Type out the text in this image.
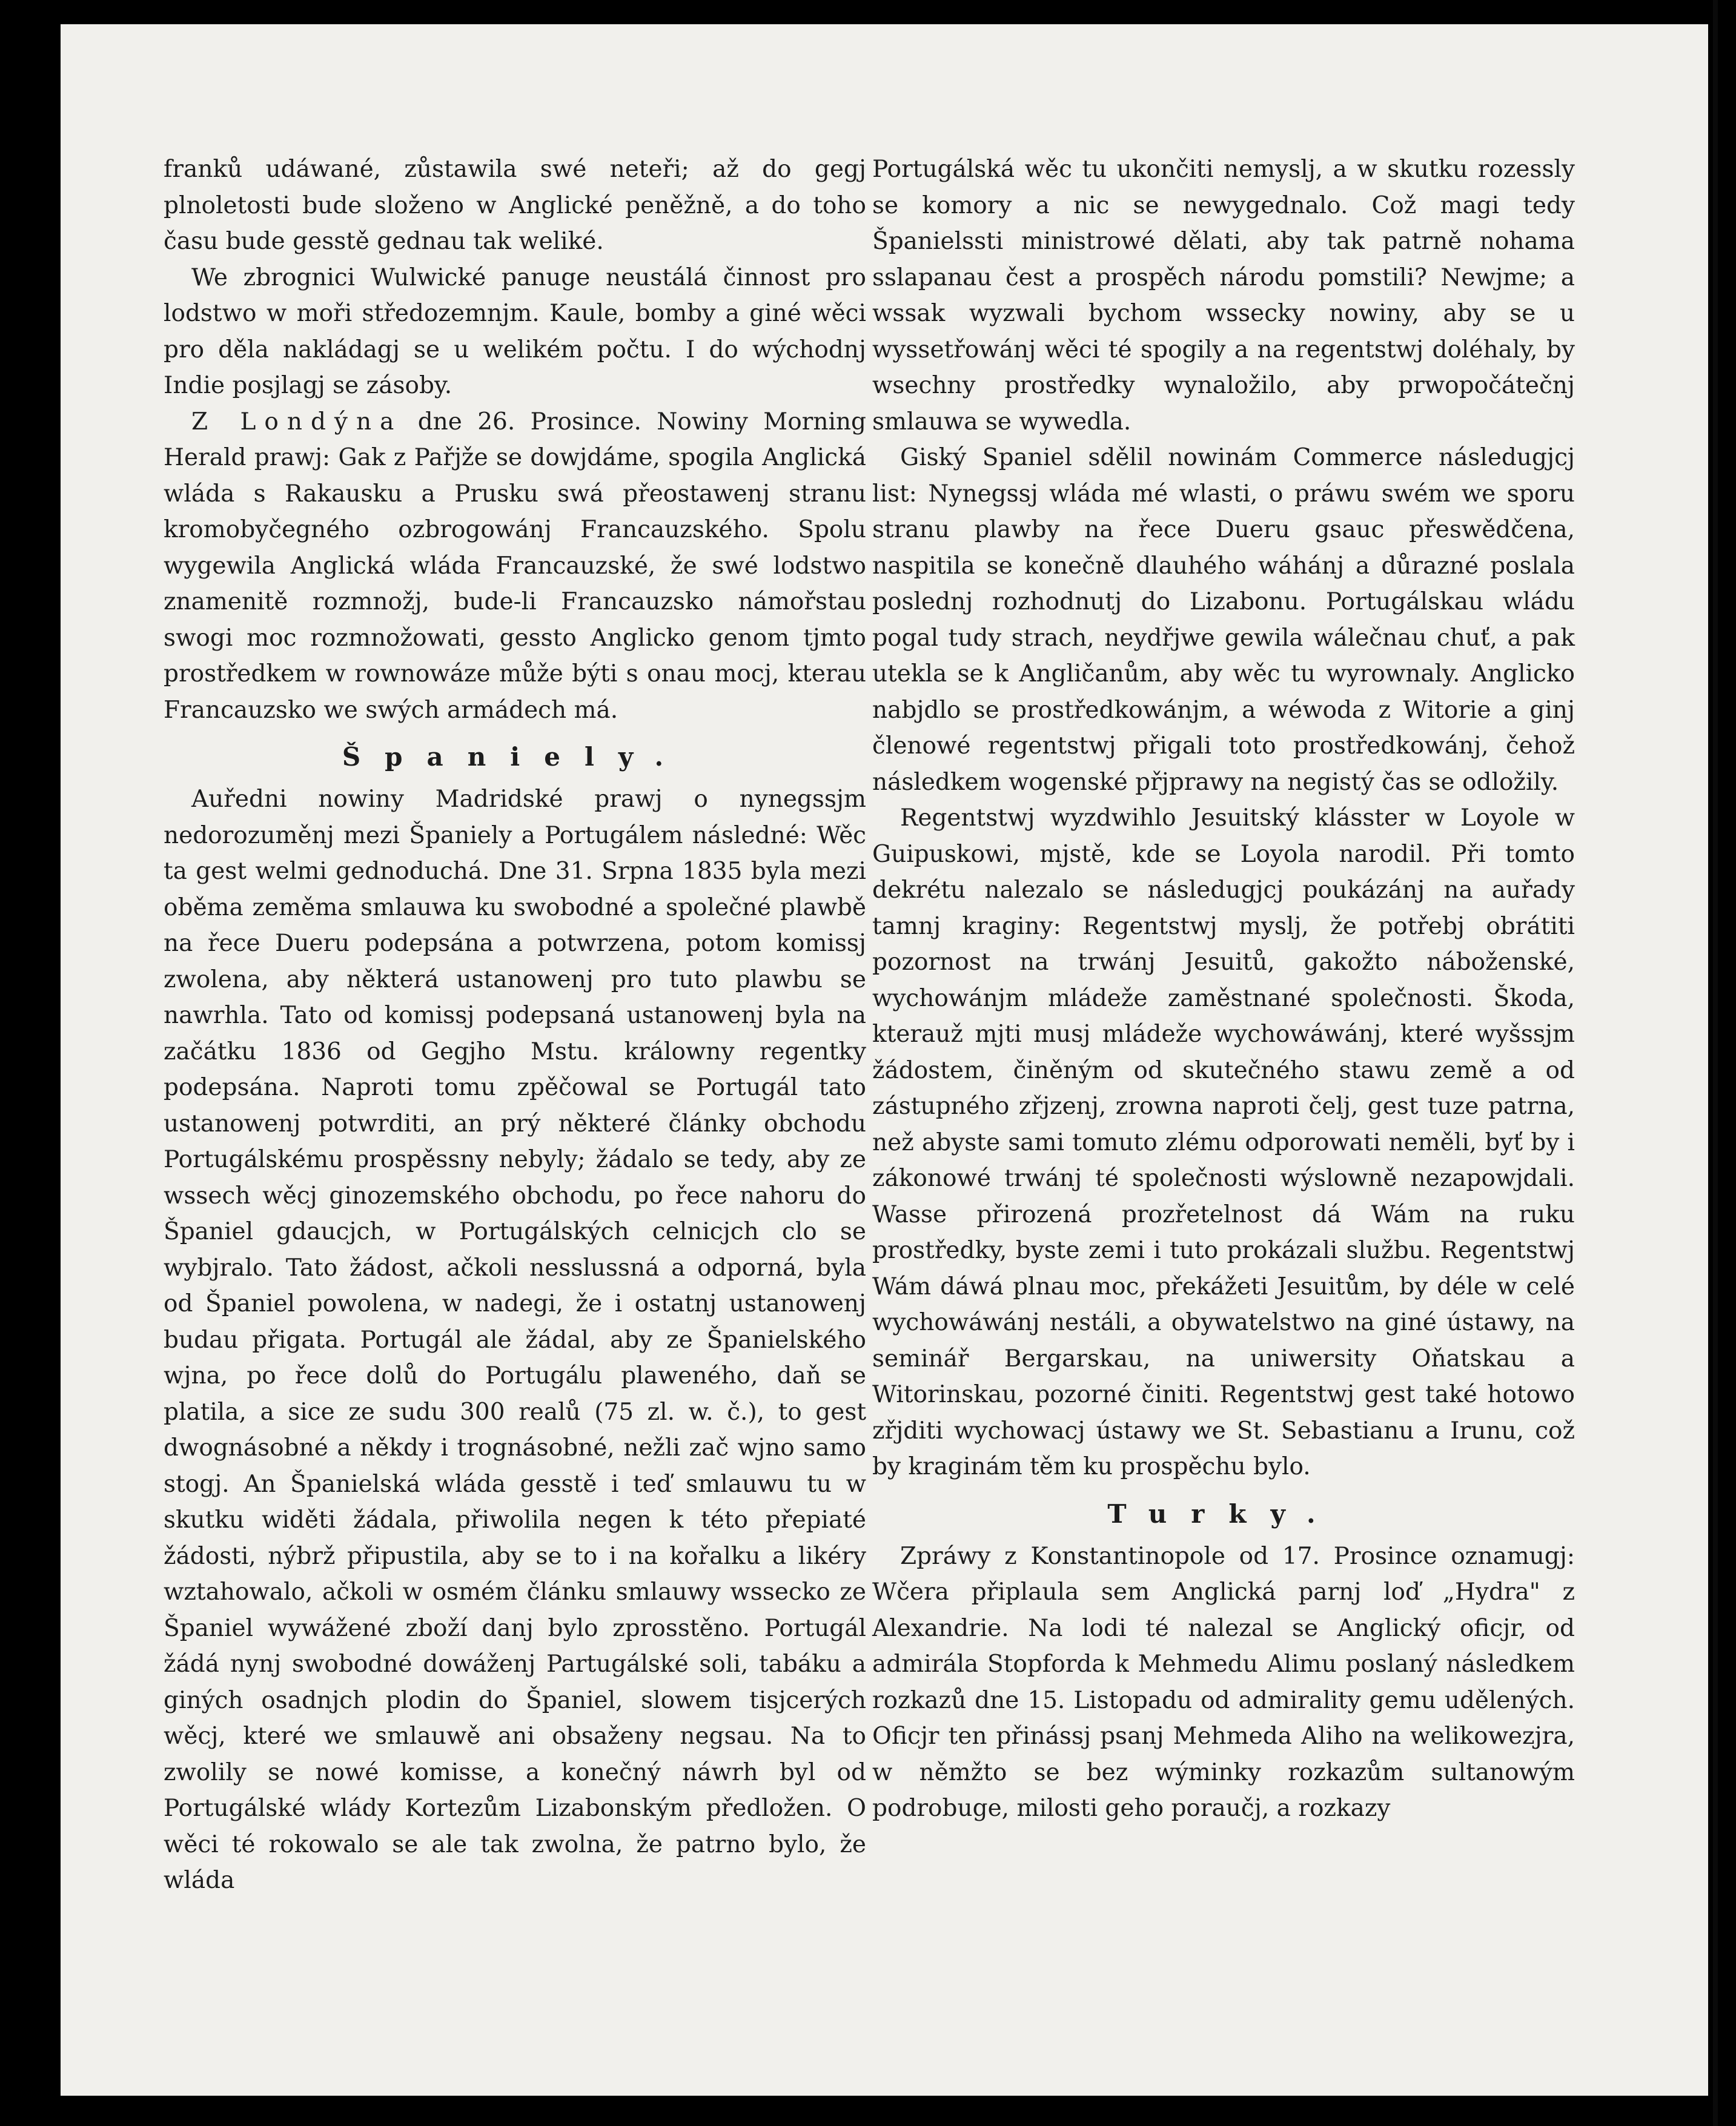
franků udáwané, zůstawila swé neteři; až do gegj plnoletosti bude složeno w Anglické peněžně, a do toho času bude gesstě gednau tak weliké.

We zbrognici Wulwické panuge neustálá činnost pro lodstwo w moři středozemnjm. Kaule, bomby a giné wěci pro děla nakládagj se u welikém počtu. I do wýchodnj Indie posjlagj se zásoby.

Z Londýna dne 26. Prosince. Nowiny Morning Herald prawj: Gak z Pařjže se dowjdáme, spogila Anglická wláda s Rakausku a Prusku swá přeostawenj stranu kromobyčegného ozbrogowánj Francauzského. Spolu wygewila Anglická wláda Francauzské, že swé lodstwo znamenitě rozmnožj, bude-li Francauzsko námořstau swogi moc rozmnožowati, gessto Anglicko genom tjmto prostředkem w rownowáze může býti s onau mocj, kterau Francauzsko we swých armádech má.

Španiely.

Auředni nowiny Madridské prawj o nynegssjm nedorozuměnj mezi Španiely a Portugálem následné: Wěc ta gest welmi gednoduchá. Dne 31. Srpna 1835 byla mezi oběma zeměma smlauwa ku swobodné a společné plawbě na řece Dueru podepsána a potwrzena, potom komissj zwolena, aby některá ustanowenj pro tuto plawbu se nawrhla. Tato od komissj podepsaná ustanowenj byla na začátku 1836 od Gegjho Mstu. králowny regentky podepsána. Naproti tomu zpěčowal se Portugál tato ustanowenj potwrditi, an prý některé články obchodu Portugálskému prospěssny nebyly; žádalo se tedy, aby ze wssech wěcj ginozemského obchodu, po řece nahoru do Španiel gdaucjch, w Portugálských celnicjch clo se wybjralo. Tato žádost, ačkoli nesslussná a odporná, byla od Španiel powolena, w nadegi, že i ostatnj ustanowenj budau přigata. Portugál ale žádal, aby ze Španielského wjna, po řece dolů do Portugálu plaweného, daň se platila, a sice ze sudu 300 realů (75 zl. w. č.), to gest dwognásobné a někdy i trognásobné, nežli zač wjno samo stogj. An Španielská wláda gesstě i teď smlauwu tu w skutku widěti žádala, přiwolila negen k této přepiaté žádosti, nýbrž připustila, aby se to i na kořalku a likéry wztahowalo, ačkoli w osmém článku smlauwy wssecko ze Španiel wywážené zboží danj bylo zprosstěno. Portugál žádá nynj swobodné dowáženj Partugálské soli, tabáku a giných osadnjch plodin do Španiel, slowem tisjcerých wěcj, které we smlauwě ani obsaženy negsau. Na to zwolily se nowé komisse, a konečný náwrh byl od Portugálské wlády Kortezům Lizabonským předložen. O wěci té rokowalo se ale tak zwolna, že patrno bylo, že wláda

Portugálská wěc tu ukončiti nemyslj, a w skutku rozessly se komory a nic se newygednalo. Což magi tedy Španielssti ministrowé dělati, aby tak patrně nohama sslapanau čest a prospěch národu pomstili? Newjme; a wssak wyzwali bychom wssecky nowiny, aby se u wyssetřowánj wěci té spogily a na regentstwj doléhaly, by wsechny prostředky wynaložilo, aby prwopočátečnj smlauwa se wywedla.

Giský Spaniel sdělil nowinám Commerce následugjcj list: Nynegssj wláda mé wlasti, o práwu swém we sporu stranu plawby na řece Dueru gsauc přeswědčena, naspitila se konečně dlauhého wáhánj a důrazné poslala poslednj rozhodnutj do Lizabonu. Portugálskau wládu pogal tudy strach, neydřjwe gewila wálečnau chuť, a pak utekla se k Angličanům, aby wěc tu wyrownaly. Anglicko nabjdlo se prostředkowánjm, a wéwoda z Witorie a ginj členowé regentstwj přigali toto prostředkowánj, čehož následkem wogenské přjprawy na negistý čas se odložily.

Regentstwj wyzdwihlo Jesuitský klásster w Loyole w Guipuskowi, mjstě, kde se Loyola narodil. Při tomto dekrétu nalezalo se následugjcj poukázánj na auřady tamnj kraginy: Regentstwj myslj, že potřebj obrátiti pozornost na trwánj Jesuitů, gakožto náboženské, wychowánjm mládeže zaměstnané společnosti. Škoda, kterauž mjti musj mládeže wychowáwánj, které wyšssjm žádostem, činěným od skutečného stawu země a od zástupného zřjzenj, zrowna naproti čelj, gest tuze patrna, než abyste sami tomuto zlému odporowati neměli, byť by i zákonowé trwánj té společnosti wýslowně nezapowjdali. Wasse přirozená prozřetelnost dá Wám na ruku prostředky, byste zemi i tuto prokázali službu. Regentstwj Wám dáwá plnau moc, překážeti Jesuitům, by déle w celé wychowáwánj nestáli, a obywatelstwo na giné ústawy, na seminář Bergarskau, na uniwersity Oňatskau a Witorinskau, pozorné činiti. Regentstwj gest také hotowo zřjditi wychowacj ústawy we St. Sebastianu a Irunu, což by kraginám těm ku prospěchu bylo.

Turky.

Zpráwy z Konstantinopole od 17. Prosince oznamugj: Wčera připlaula sem Anglická parnj loď „Hydra" z Alexandrie. Na lodi té nalezal se Anglický oficjr, od admirála Stopforda k Mehmedu Alimu poslaný následkem rozkazů dne 15. Listopadu od admirality gemu udělených. Oficjr ten přinássj psanj Mehmeda Aliho na welikowezjra, w němžto se bez wýminky rozkazům sultanowým podrobuge, milosti geho poraučj, a rozkazy
